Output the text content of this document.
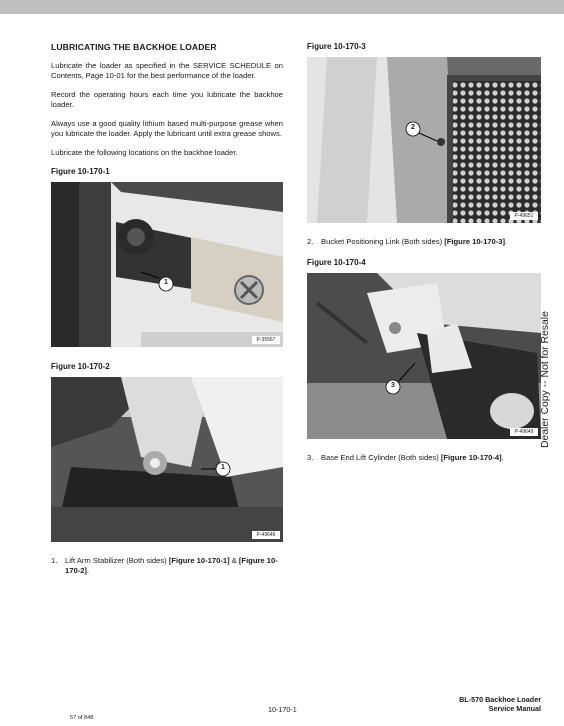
LUBRICATING THE BACKHOE LOADER

Lubricate the loader as specified in the SERVICE SCHEDULE on Contents, Page 10-01 for the best performance of the loader.

Record the operating hours each time you lubricate the backhoe loader.

Always use a good quality lithium based multi-purpose grease when you lubricate the loader. Apply the lubricant until extra grease shows.

Lubricate the following locations on the backhoe loader.

Figure 10-170-1
1
P-35567
Figure 10-170-2
1
P-49646
1.	Lift Arm Stabilizer (Both sides) [Figure 10-170-1] & [Figure 10-170-2].
Figure 10-170-3
2
P-49651
2.	Bucket Positioning Link (Both sides) [Figure 10-170-3].
Figure 10-170-4
3
P-49649
3.	Base End Lift Cylinder (Both sides) [Figure 10-170-4].
Dealer Copy -- Not for Resale
10-170-1
BL-570 Backhoe Loader
Service Manual
57 of 848
